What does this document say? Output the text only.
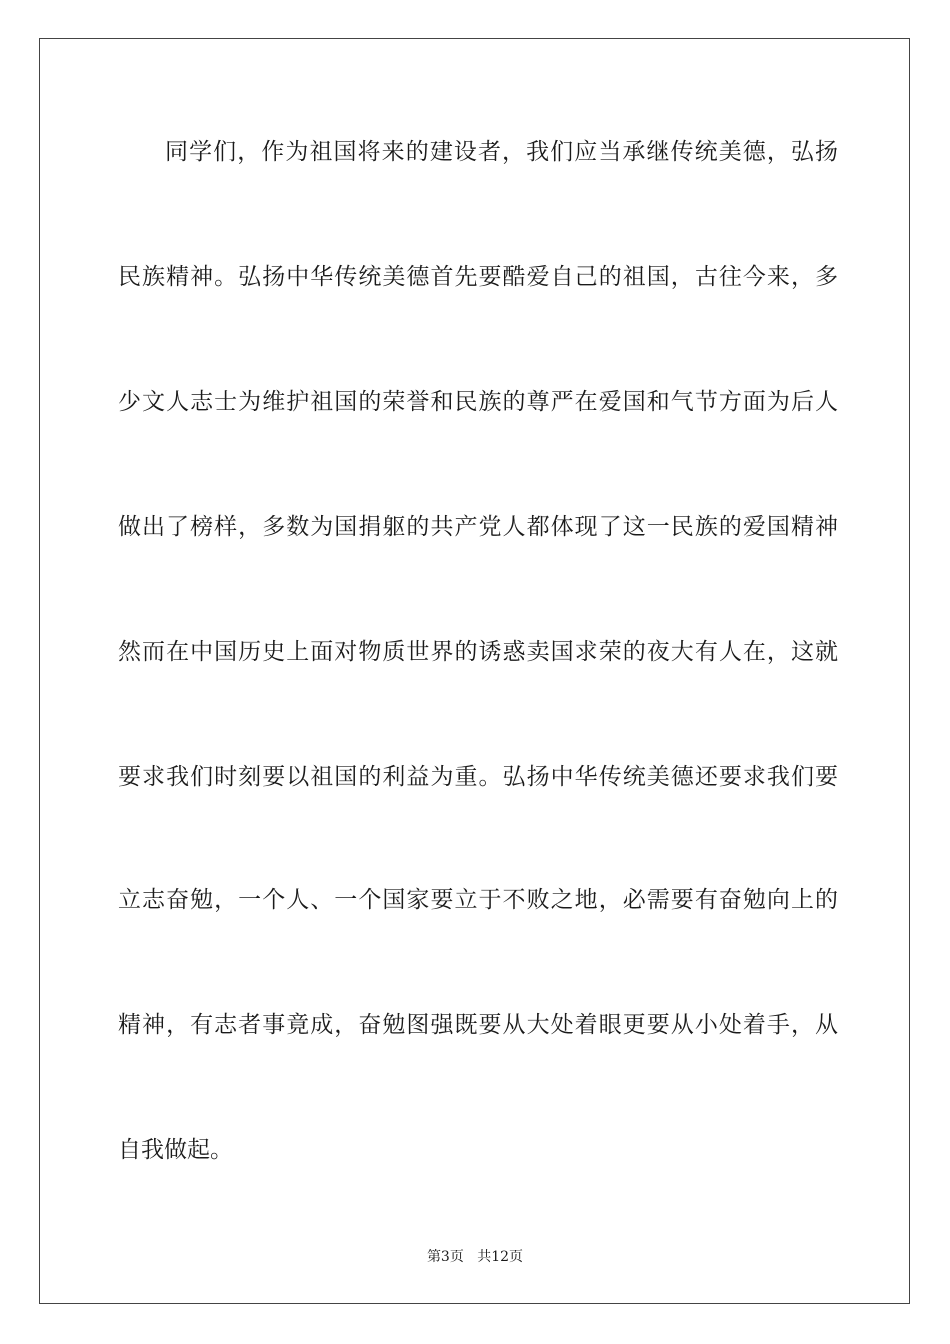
同学们，作为祖国将来的建设者，我们应当承继传统美德，弘扬
民族精神。弘扬中华传统美德首先要酷爱自己的祖国，古往今来，多
少文人志士为维护祖国的荣誉和民族的尊严在爱国和气节方面为后人
做出了榜样，多数为国捐躯的共产党人都体现了这一民族的爱国精神
然而在中国历史上面对物质世界的诱惑卖国求荣的夜大有人在，这就
要求我们时刻要以祖国的利益为重。弘扬中华传统美德还要求我们要
立志奋勉，一个人、一个国家要立于不败之地，必需要有奋勉向上的
精神，有志者事竟成，奋勉图强既要从大处着眼更要从小处着手，从
自我做起。
第3页 共12页
